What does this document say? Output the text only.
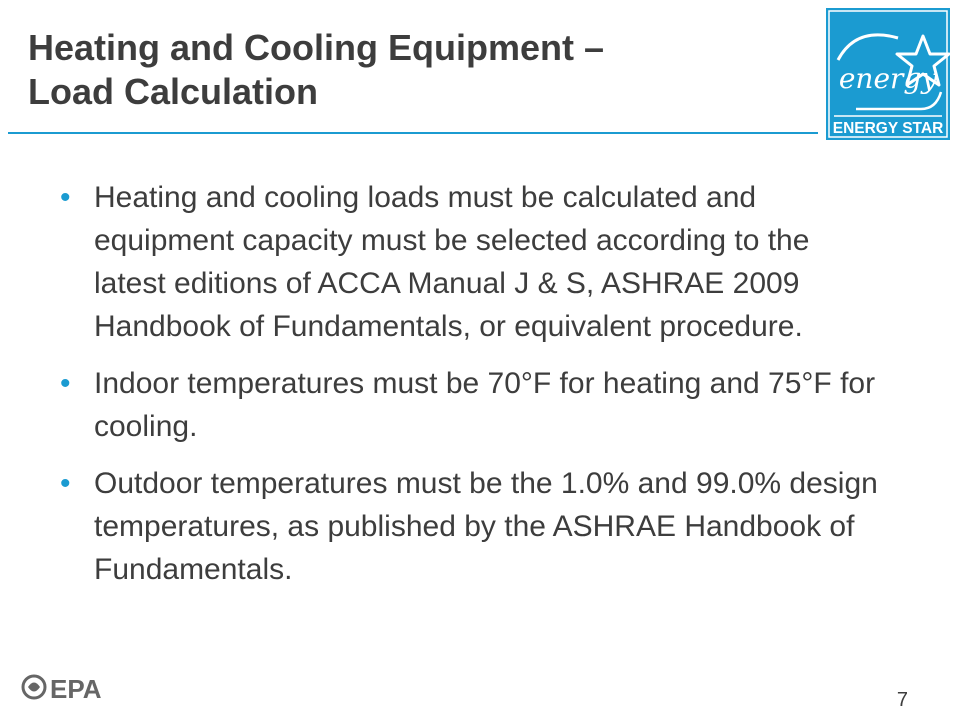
Heating and Cooling Equipment –
Load Calculation	energy
ENERGY STAR
• Heating and cooling loads must be calculated and equipment capacity must be selected according to the latest editions of ACCA Manual J & S, ASHRAE 2009 Handbook of Fundamentals, or equivalent procedure.
• Indoor temperatures must be 70°F for heating and 75°F for cooling.
• Outdoor temperatures must be the 1.0% and 99.0% design temperatures, as published by the ASHRAE Handbook of Fundamentals.
EPA	7
